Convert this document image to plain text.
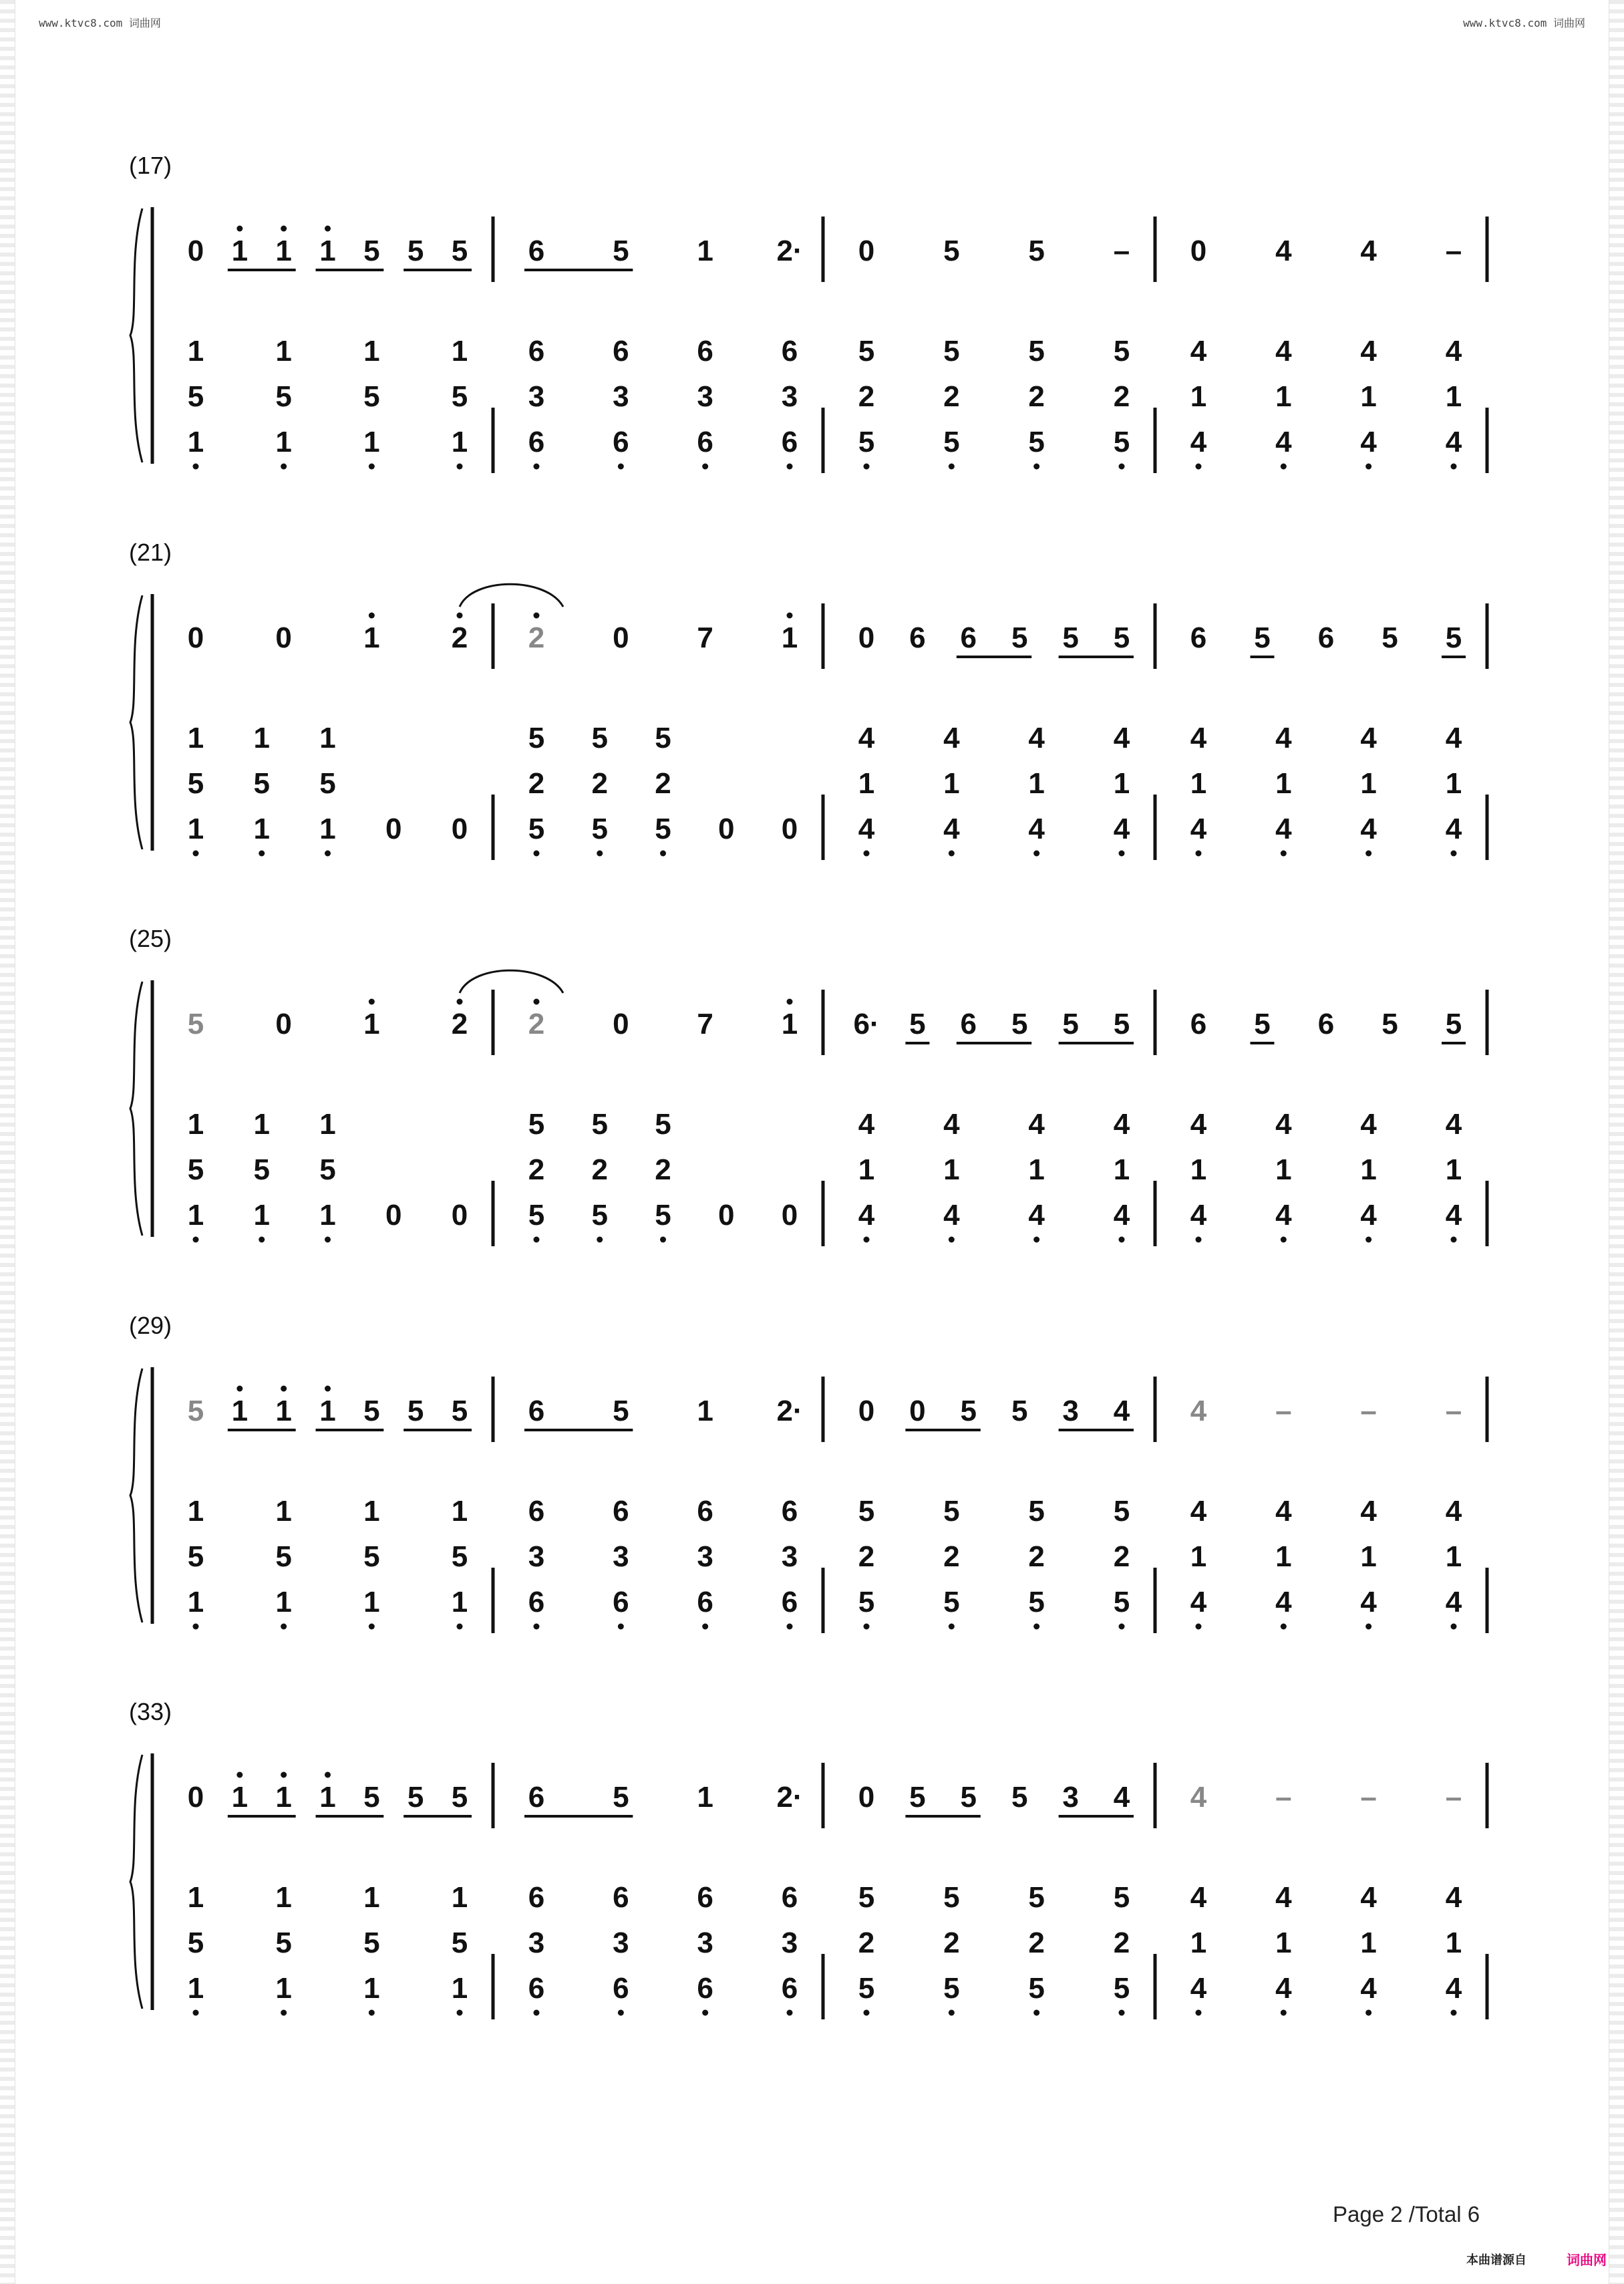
www.ktvc8.com 词曲网	www.ktvc8.com 词曲网
(17)
0 1 1 1 5 5 5 6 5 1 2· 0 5 5 – 0 4 4 –
1
5
1
1
5
1
1
5
1
1
5
1
6
3
6
6
3
6
6
3
6
6
3
6
5
2
5
5
2
5
5
2
5
5
2
5
4
1
4
4
1
4
4
1
4
4
1
4
(21)
0 0 1 2 2 0 7 1 0 6 6 5 5 5 6 5 6 5 5
1
5
1
1
5
1
1
5
1 0 0
5
2
5
5
2
5
5
2
5 0 0
4
1
4
4
1
4
4
1
4
4
1
4
4
1
4
4
1
4
4
1
4
4
1
4
(25)
5 0 1 2 2 0 7 1 6· 5 6 5 5 5 6 5 6 5 5
1
5
1
1
5
1
1
5
1 0 0
5
2
5
5
2
5
5
2
5 0 0
4
1
4
4
1
4
4
1
4
4
1
4
4
1
4
4
1
4
4
1
4
4
1
4
(29)
5 1 1 1 5 5 5 6 5 1 2· 0 0 5 5 3 4 4 – – –
1
5
1
1
5
1
1
5
1
1
5
1
6
3
6
6
3
6
6
3
6
6
3
6
5
2
5
5
2
5
5
2
5
5
2
5
4
1
4
4
1
4
4
1
4
4
1
4
(33)
0 1 1 1 5 5 5 6 5 1 2· 0 5 5 5 3 4 4 – – –
1
5
1
1
5
1
1
5
1
1
5
1
6
3
6
6
3
6
6
3
6
6
3
6
5
2
5
5
2
5
5
2
5
5
2
5
4
1
4
4
1
4
4
1
4
4
1
4
Page 2 /Total 6
本曲谱源自	词曲网
